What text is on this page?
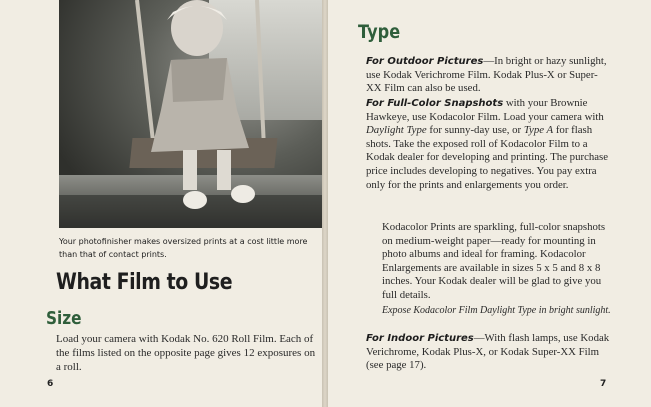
Your photofinisher makes oversized prints at a cost little more than that of contact prints.
What Film to Use
Size
Load your camera with Kodak No. 620 Roll Film. Each of the films listed on the opposite page gives 12 exposures on a roll.
6
Type
For Outdoor Pictures—In bright or hazy sunlight, use Kodak Verichrome Film. Kodak Plus-X or Super-XX Film can also be used.
For Full-Color Snapshots with your Brownie Hawkeye, use Kodacolor Film. Load your camera with Daylight Type for sunny-day use, or Type A for flash shots. Take the exposed roll of Kodacolor Film to a Kodak dealer for developing and printing. The purchase price includes developing to negatives. You pay extra only for the prints and enlargements you order.
Kodacolor Prints are sparkling, full-color snapshots on medium-weight paper—ready for mounting in photo albums and ideal for framing. Kodacolor Enlargements are available in sizes 5 x 5 and 8 x 8 inches. Your Kodak dealer will be glad to give you full details.
Expose Kodacolor Film Daylight Type in bright sunlight.
For Indoor Pictures—With flash lamps, use Kodak Verichrome, Kodak Plus-X, or Kodak Super-XX Film (see page 17).
7
